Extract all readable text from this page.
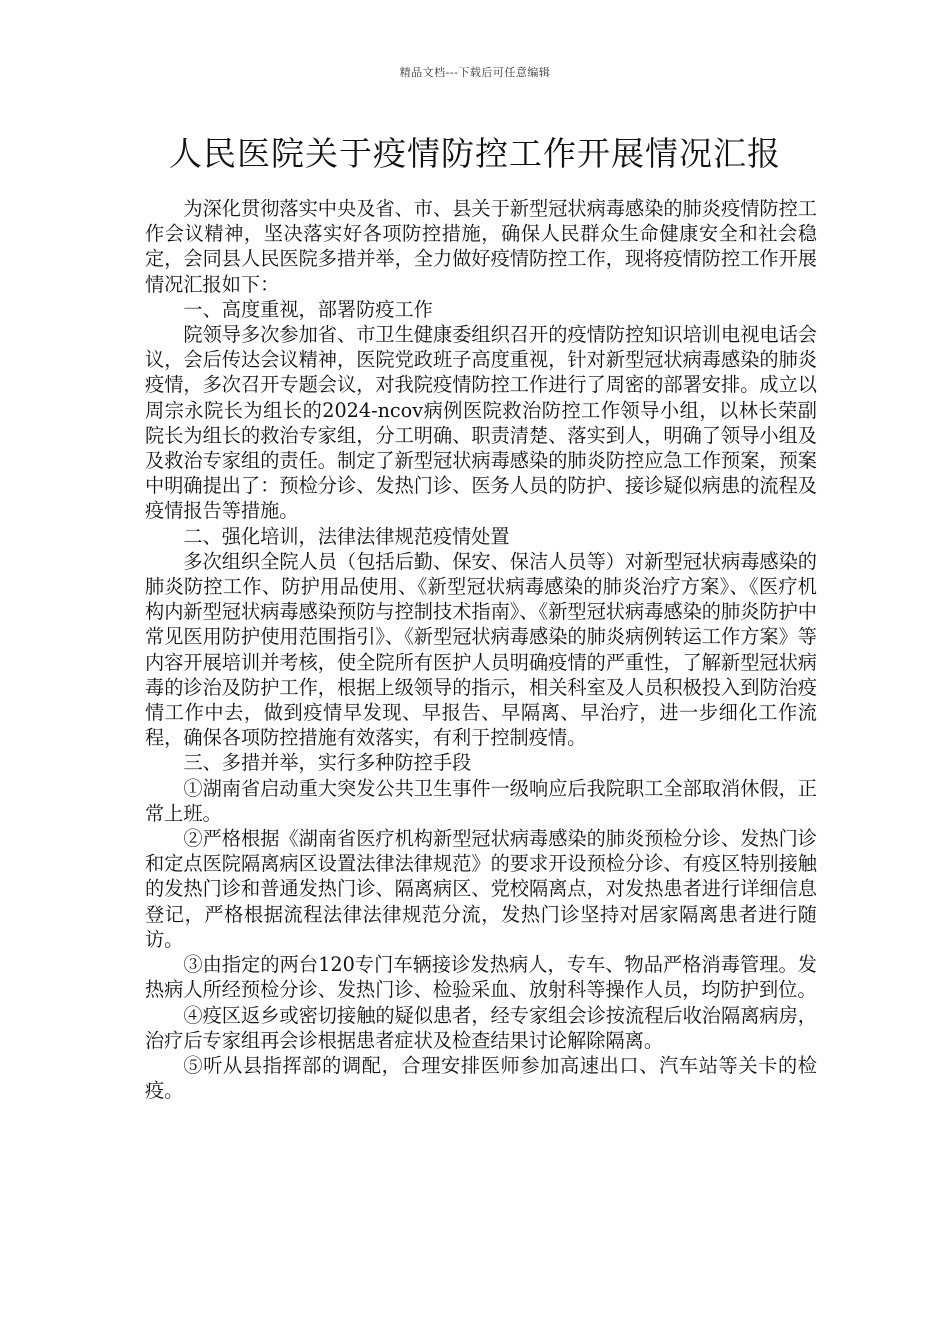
精品文档---下载后可任意编辑
人民医院关于疫情防控工作开展情况汇报

为深化贯彻落实中央及省、市、县关于新型冠状病毒感染的肺炎疫情防控工作会议精神，坚决落实好各项防控措施，确保人民群众生命健康安全和社会稳定，会同县人民医院多措并举，全力做好疫情防控工作，现将疫情防控工作开展情况汇报如下：

一、高度重视，部署防疫工作

院领导多次参加省、市卫生健康委组织召开的疫情防控知识培训电视电话会议，会后传达会议精神，医院党政班子高度重视，针对新型冠状病毒感染的肺炎疫情，多次召开专题会议，对我院疫情防控工作进行了周密的部署安排。成立以周宗永院长为组长的2024-ncov病例医院救治防控工作领导小组，以林长荣副院长为组长的救治专家组，分工明确、职责清楚、落实到人，明确了领导小组及及救治专家组的责任。制定了新型冠状病毒感染的肺炎防控应急工作预案，预案中明确提出了：预检分诊、发热门诊、医务人员的防护、接诊疑似病患的流程及疫情报告等措施。

二、强化培训，法律法律规范疫情处置

多次组织全院人员（包括后勤、保安、保洁人员等）对新型冠状病毒感染的肺炎防控工作、防护用品使用、《新型冠状病毒感染的肺炎治疗方案》、《医疗机构内新型冠状病毒感染预防与控制技术指南》、《新型冠状病毒感染的肺炎防护中常见医用防护使用范围指引》、《新型冠状病毒感染的肺炎病例转运工作方案》等内容开展培训并考核，使全院所有医护人员明确疫情的严重性，了解新型冠状病毒的诊治及防护工作，根据上级领导的指示，相关科室及人员积极投入到防治疫情工作中去，做到疫情早发现、早报告、早隔离、早治疗，进一步细化工作流程，确保各项防控措施有效落实，有利于控制疫情。

三、多措并举，实行多种防控手段

①湖南省启动重大突发公共卫生事件一级响应后我院职工全部取消休假，正常上班。

②严格根据《湖南省医疗机构新型冠状病毒感染的肺炎预检分诊、发热门诊和定点医院隔离病区设置法律法律规范》的要求开设预检分诊、有疫区特别接触的发热门诊和普通发热门诊、隔离病区、党校隔离点，对发热患者进行详细信息登记，严格根据流程法律法律规范分流，发热门诊坚持对居家隔离患者进行随访。

③由指定的两台120专门车辆接诊发热病人，专车、物品严格消毒管理。发热病人所经预检分诊、发热门诊、检验采血、放射科等操作人员，均防护到位。

④疫区返乡或密切接触的疑似患者，经专家组会诊按流程后收治隔离病房，治疗后专家组再会诊根据患者症状及检查结果讨论解除隔离。

⑤听从县指挥部的调配，合理安排医师参加高速出口、汽车站等关卡的检疫。
